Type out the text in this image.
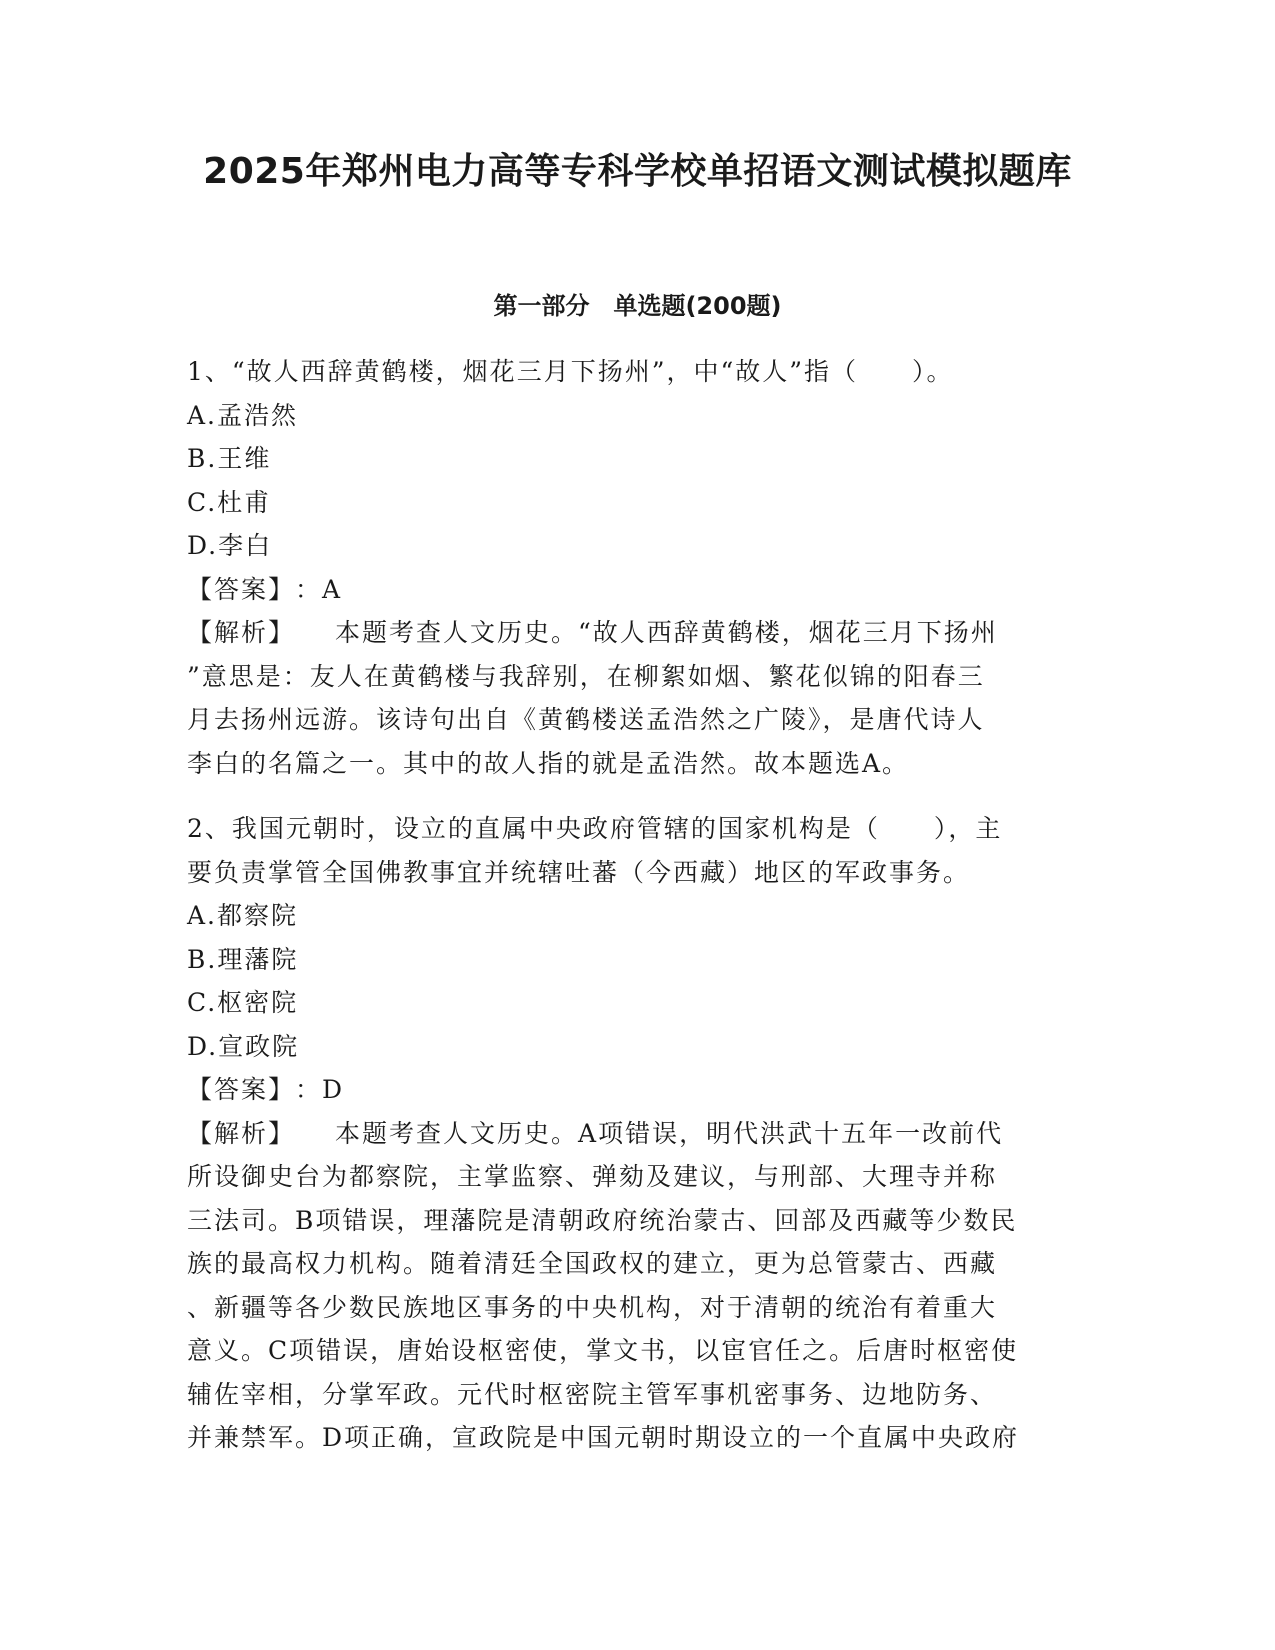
2025年郑州电力高等专科学校单招语文测试模拟题库
第一部分　单选题(200题)
1、“故人西辞黄鹤楼，烟花三月下扬州”，中“故人”指（　　）。
A.孟浩然
B.王维
C.杜甫
D.李白
【答案】：A
【解析】 本题考查人文历史。“故人西辞黄鹤楼，烟花三月下扬州
”意思是：友人在黄鹤楼与我辞别，在柳絮如烟、繁花似锦的阳春三
月去扬州远游。该诗句出自《黄鹤楼送孟浩然之广陵》，是唐代诗人
李白的名篇之一。其中的故人指的就是孟浩然。故本题选A。
2、我国元朝时，设立的直属中央政府管辖的国家机构是（　　），主
要负责掌管全国佛教事宜并统辖吐蕃（今西藏）地区的军政事务。
A.都察院
B.理藩院
C.枢密院
D.宣政院
【答案】：D
【解析】 本题考查人文历史。A项错误，明代洪武十五年一改前代
所设御史台为都察院，主掌监察、弹劾及建议，与刑部、大理寺并称
三法司。B项错误，理藩院是清朝政府统治蒙古、回部及西藏等少数民
族的最高权力机构。随着清廷全国政权的建立，更为总管蒙古、西藏
、新疆等各少数民族地区事务的中央机构，对于清朝的统治有着重大
意义。C项错误，唐始设枢密使，掌文书，以宦官任之。后唐时枢密使
辅佐宰相，分掌军政。元代时枢密院主管军事机密事务、边地防务、
并兼禁军。D项正确，宣政院是中国元朝时期设立的一个直属中央政府
